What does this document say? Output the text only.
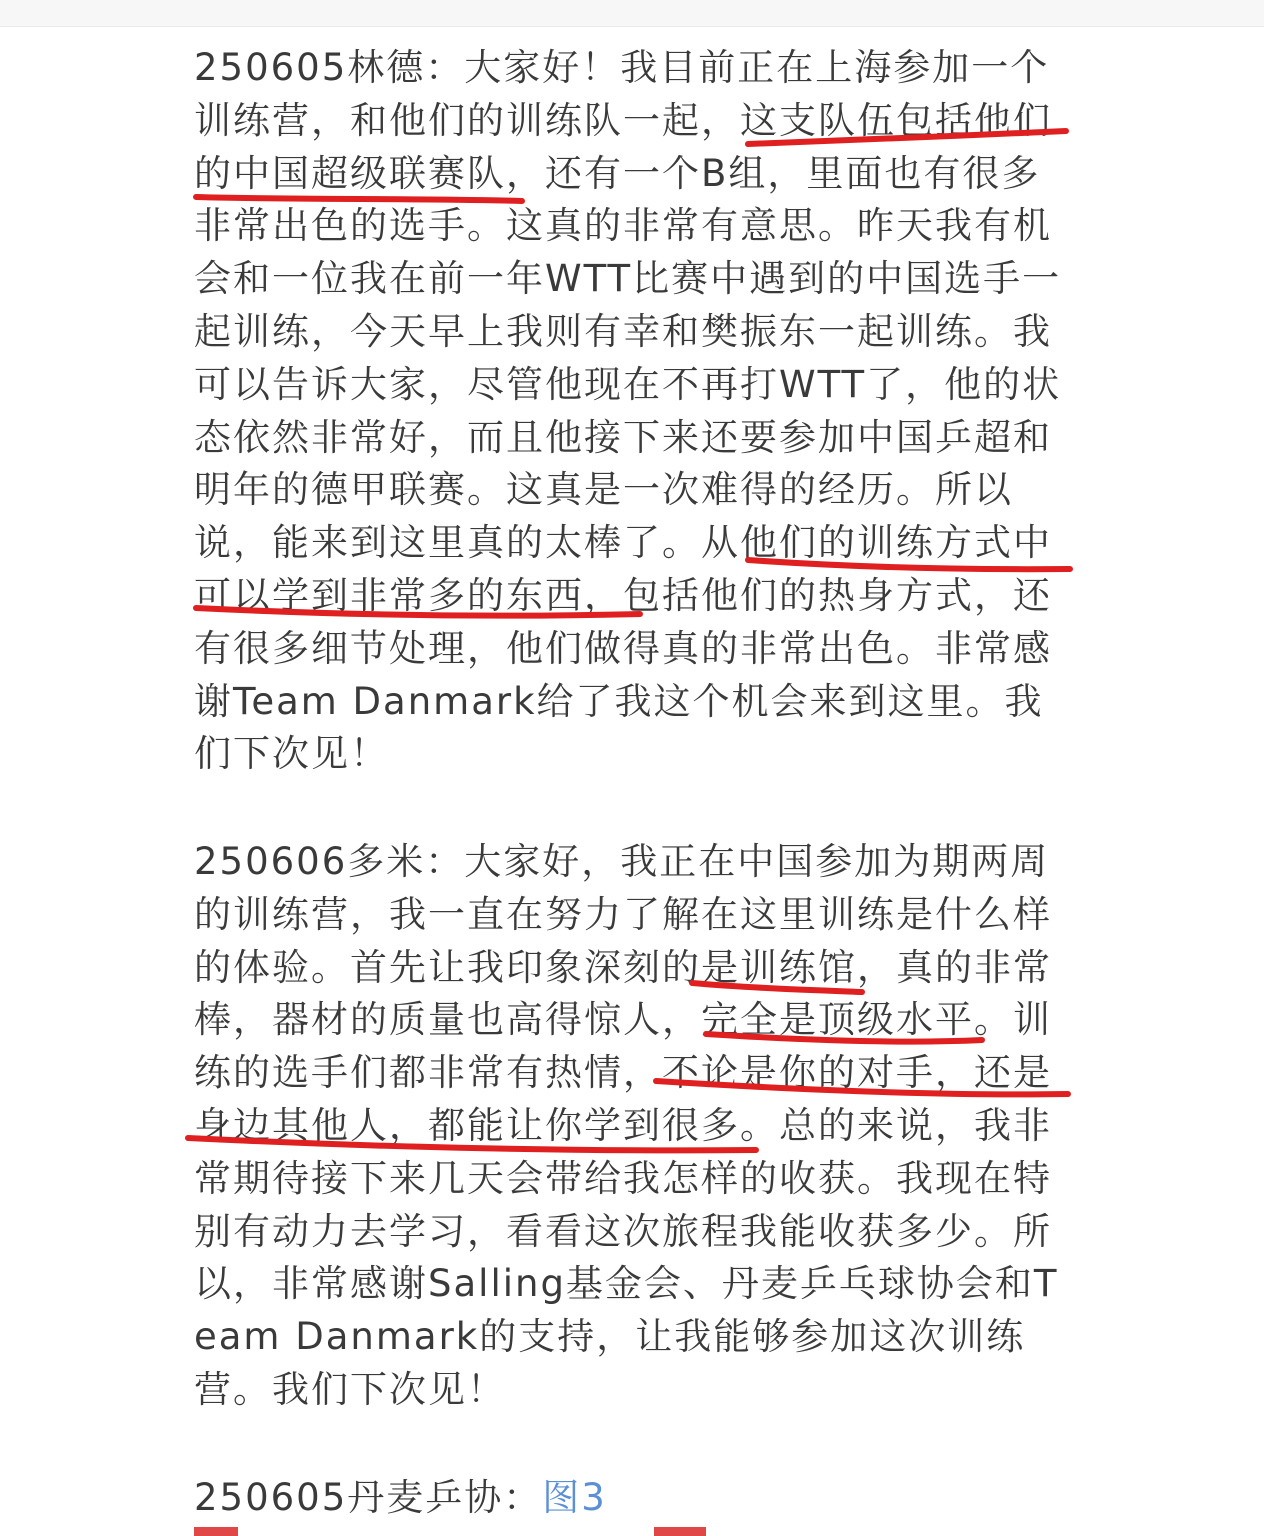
250605林德：大家好！我目前正在上海参加一个训练营，和他们的训练队一起，这支队伍包括他们的中国超级联赛队，还有一个B组，里面也有很多非常出色的选手。这真的非常有意思。昨天我有机会和一位我在前一年WTT比赛中遇到的中国选手一起训练，今天早上我则有幸和樊振东一起训练。我可以告诉大家，尽管他现在不再打WTT了，他的状态依然非常好，而且他接下来还要参加中国乒超和明年的德甲联赛。这真是一次难得的经历。所以说，能来到这里真的太棒了。从他们的训练方式中可以学到非常多的东西，包括他们的热身方式，还有很多细节处理，他们做得真的非常出色。非常感谢Team Danmark给了我这个机会来到这里。我们下次见！

250606多米：大家好，我正在中国参加为期两周的训练营，我一直在努力了解在这里训练是什么样的体验。首先让我印象深刻的是训练馆，真的非常棒，器材的质量也高得惊人，完全是顶级水平。训练的选手们都非常有热情，不论是你的对手，还是身边其他人，都能让你学到很多。总的来说，我非常期待接下来几天会带给我怎样的收获。我现在特别有动力去学习，看看这次旅程我能收获多少。所以，非常感谢Salling基金会、丹麦乒乓球协会和Team Danmark的支持，让我能够参加这次训练营。我们下次见！

250605丹麦乒协：图3
